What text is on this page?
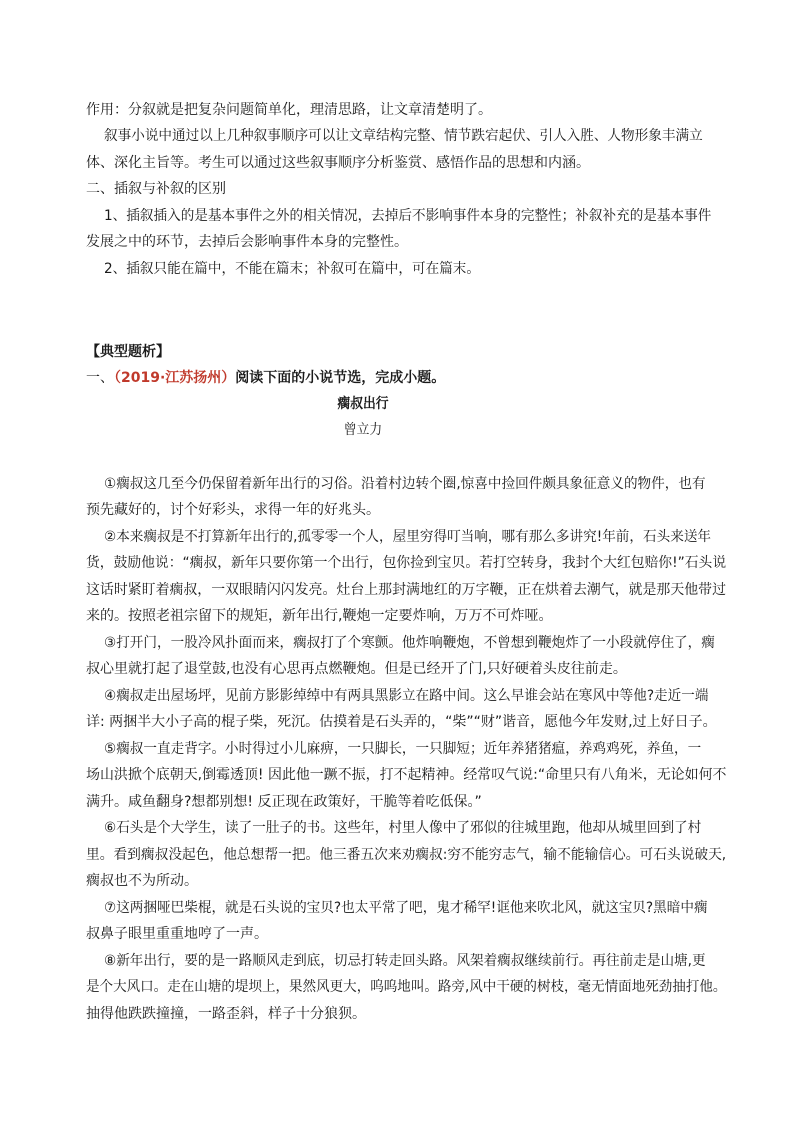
作用：分叙就是把复杂问题简单化，理清思路，让文章清楚明了。
叙事小说中通过以上几种叙事顺序可以让文章结构完整、情节跌宕起伏、引人入胜、人物形象丰满立
体、深化主旨等。考生可以通过这些叙事顺序分析鉴赏、感悟作品的思想和内涵。
二、插叙与补叙的区别
1、插叙插入的是基本事件之外的相关情况，去掉后不影响事件本身的完整性；补叙补充的是基本事件
发展之中的环节，去掉后会影响事件本身的完整性。
2、插叙只能在篇中，不能在篇末；补叙可在篇中，可在篇末。
【典型题析】
一、（2019·江苏扬州）阅读下面的小说节选，完成小题。
瘸叔出行
曾立力
①瘸叔这几至今仍保留着新年出行的习俗。沿着村边转个圈,惊喜中捡回件颇具象征意义的物件，也有
预先藏好的，讨个好彩头，求得一年的好兆头。
②本来瘸叔是不打算新年出行的,孤零零一个人，屋里穷得叮当响，哪有那么多讲究!年前，石头来送年
货，鼓励他说：“瘸叔，新年只要你第一个出行，包你捡到宝贝。若打空转身，我封个大红包赔你!”石头说
这话时紧盯着瘸叔，一双眼睛闪闪发亮。灶台上那封满地红的万字鞭，正在烘着去潮气，就是那天他带过
来的。按照老祖宗留下的规矩，新年出行,鞭炮一定要炸响，万万不可炸哑。
③打开门，一股冷风扑面而来，瘸叔打了个寒颤。他炸响鞭炮，不曾想到鞭炮炸了一小段就停住了，瘸
叔心里就打起了退堂鼓,也没有心思再点燃鞭炮。但是已经开了门,只好硬着头皮往前走。
④瘸叔走出屋场坪，见前方影影绰绰中有两具黑影立在路中间。这么早谁会站在寒风中等他?走近一端
详: 两捆半大小子高的棍子柴，死沉。估摸着是石头弄的，“柴”“财”谐音，愿他今年发财,过上好日子。
⑤瘸叔一直走背字。小时得过小儿麻痹，一只脚长，一只脚短；近年养猪猪瘟，养鸡鸡死，养鱼，一
场山洪掀个底朝天,倒霉透顶! 因此他一蹶不振，打不起精神。经常叹气说:“命里只有八角米，无论如何不
满升。咸鱼翻身?想都别想! 反正现在政策好，干脆等着吃低保。”
⑥石头是个大学生，读了一肚子的书。这些年，村里人像中了邪似的往城里跑，他却从城里回到了村
里。看到瘸叔没起色，他总想帮一把。他三番五次来劝瘸叔:穷不能穷志气，输不能输信心。可石头说破天,
瘸叔也不为所动。
⑦这两捆哑巴柴棍，就是石头说的宝贝?也太平常了吧，鬼才稀罕!诓他来吹北风，就这宝贝?黑暗中瘸
叔鼻子眼里重重地哼了一声。
⑧新年出行，要的是一路顺风走到底，切忌打转走回头路。风架着瘸叔继续前行。再往前走是山塘,更
是个大风口。走在山塘的堤坝上，果然风更大，呜呜地叫。路旁,风中干硬的树枝，毫无情面地死劲抽打他。
抽得他跌跌撞撞，一路歪斜，样子十分狼狈。
